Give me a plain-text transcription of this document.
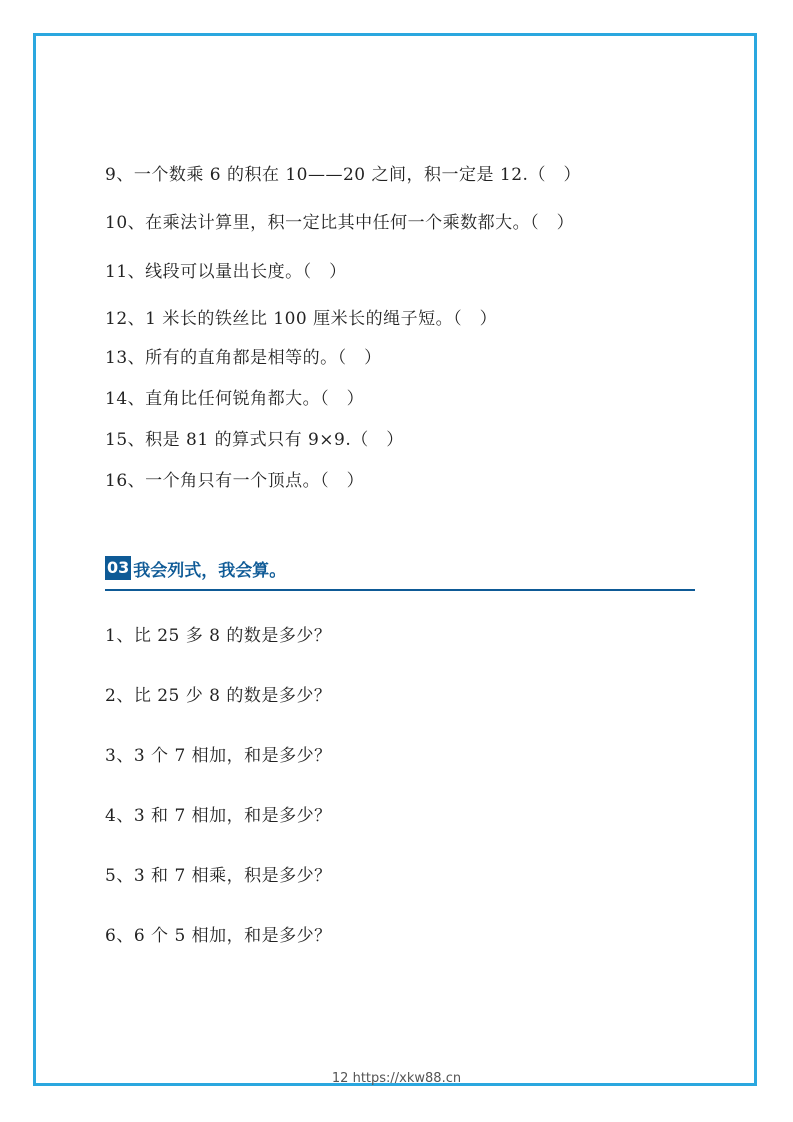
9、一个数乘 6 的积在 10——20 之间，积一定是 12.（　）
10、在乘法计算里，积一定比其中任何一个乘数都大。（　）
11、线段可以量出长度。（　）
12、1 米长的铁丝比 100 厘米长的绳子短。（　）
13、所有的直角都是相等的。（　）
14、直角比任何锐角都大。（　）
15、积是 81 的算式只有 9×9.（　）
16、一个角只有一个顶点。（　）
03 我会列式，我会算。
1、比 25 多 8 的数是多少？
2、比 25 少 8 的数是多少？
3、3 个 7 相加，和是多少？
4、3 和 7 相加，和是多少？
5、3 和 7 相乘，积是多少？
6、6 个 5 相加，和是多少？
12 https://xkw88.cn
